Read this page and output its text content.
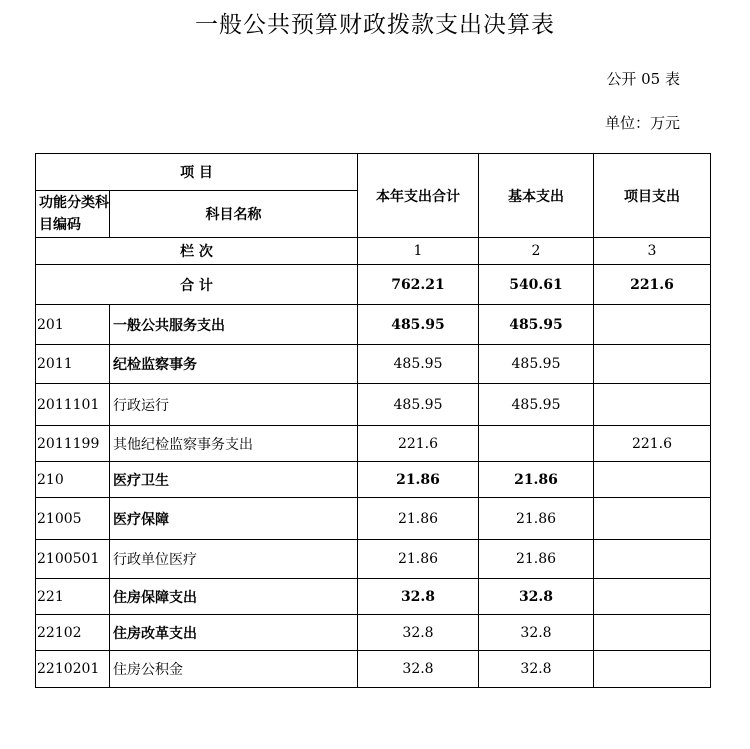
一般公共预算财政拨款支出决算表
公开 05 表
单位：万元
项 目		本年支出合计	基本支出	项目支出
功能分类科目编码	科目名称			
栏 次		1	2	3
合 计		762.21	540.61	221.6
201	一般公共服务支出	485.95	485.95	
2011	纪检监察事务	485.95	485.95	
2011101	行政运行	485.95	485.95	
2011199	其他纪检监察事务支出	221.6		221.6
210	医疗卫生	21.86	21.86	
21005	医疗保障	21.86	21.86	
2100501	行政单位医疗	21.86	21.86	
221	住房保障支出	32.8	32.8	
22102	住房改革支出	32.8	32.8	
2210201	住房公积金	32.8	32.8	
